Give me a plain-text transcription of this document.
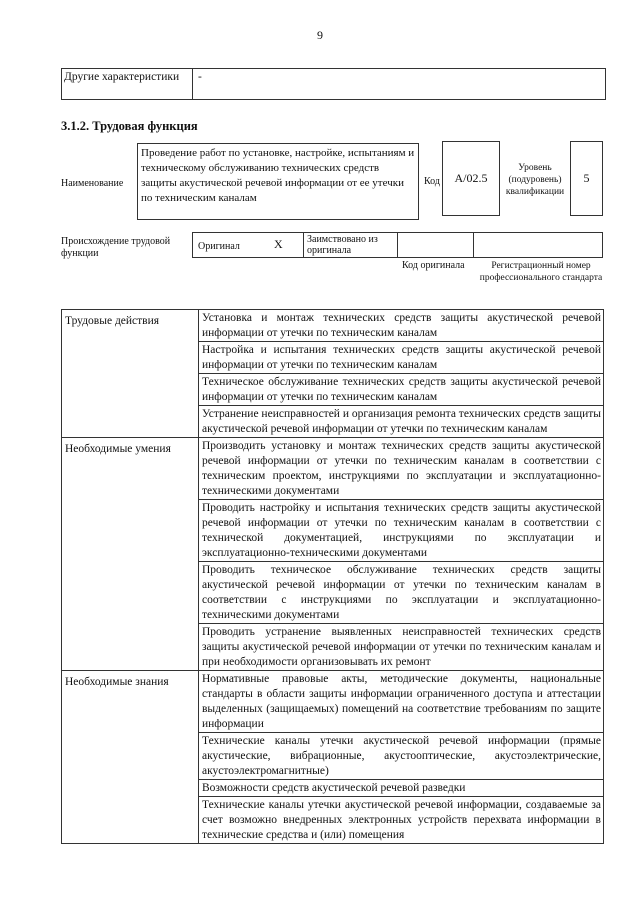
9
Другие характеристики	-
3.1.2. Трудовая функция
Наименование
Проведение работ по установке, настройке, испытаниям и техническому обслуживанию технических средств защиты акустической речевой информации от ее утечки по техническим каналам
Код	A/02.5
Уровень (подуровень) квалификации
5
Происхождение трудовой функции
Оригинал	X Заимствовано из оригинала
Код оригинала	Регистрационный номер профессионального стандарта
Трудовые действия	Установка и монтаж технических средств защиты акустической речевой информации от утечки по техническим каналам
	Настройка и испытания технических средств защиты акустической речевой информации от утечки по техническим каналам
	Техническое обслуживание технических средств защиты акустической речевой информации от утечки по техническим каналам
	Устранение неисправностей и организация ремонта технических средств защиты акустической речевой информации от утечки по техническим каналам
Необходимые умения	Производить установку и монтаж технических средств защиты акустической речевой информации от утечки по техническим каналам в соответствии с техническим проектом, инструкциями по эксплуатации и эксплуатационно-техническими документами
	Проводить настройку и испытания технических средств защиты акустической речевой информации от утечки по техническим каналам в соответствии с технической документацией, инструкциями по эксплуатации и эксплуатационно-техническими документами
	Проводить техническое обслуживание технических средств защиты акустической речевой информации от утечки по техническим каналам в соответствии с инструкциями по эксплуатации и эксплуатационно-техническими документами
	Проводить устранение выявленных неисправностей технических средств защиты акустической речевой информации от утечки по техническим каналам и при необходимости организовывать их ремонт
Необходимые знания	Нормативные правовые акты, методические документы, национальные стандарты в области защиты информации ограниченного доступа и аттестации выделенных (защищаемых) помещений на соответствие требованиям по защите информации
	Технические каналы утечки акустической речевой информации (прямые акустические, вибрационные, акустооптические, акустоэлектрические, акустоэлектромагнитные)
	Возможности средств акустической речевой разведки
	Технические каналы утечки акустической речевой информации, создаваемые за счет возможно внедренных электронных устройств перехвата информации в технические средства и (или) помещения
